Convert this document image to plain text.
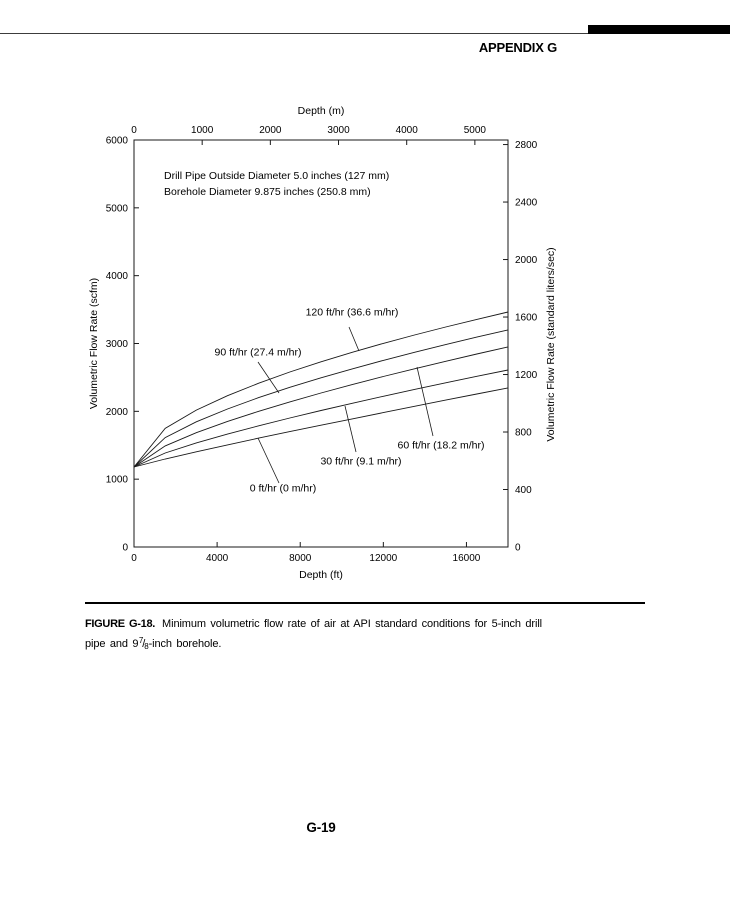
APPENDIX G
0	1000	2000	3000	4000	5000
Depth (m)
0	4000	8000	12000	16000
Depth (ft)
0
1000
2000
3000
4000
5000
6000
Volumetric Flow Rate (scfm)
0
400
800
1200
1600
2000
2400
2800
Volumetric Flow Rate (standard liters/sec)
Drill Pipe Outside Diameter 5.0 inches (127 mm)
Borehole Diameter 9.875 inches (250.8 mm)
120 ft/hr (36.6 m/hr)
90 ft/hr (27.4 m/hr)
60 ft/hr (18.2 m/hr)
30 ft/hr (9.1 m/hr)
0 ft/hr (0 m/hr)

FIGURE G-18. Minimum volumetric flow rate of air at API standard conditions for 5-inch drill
pipe and $9^7/_8$-inch borehole.

G-19
